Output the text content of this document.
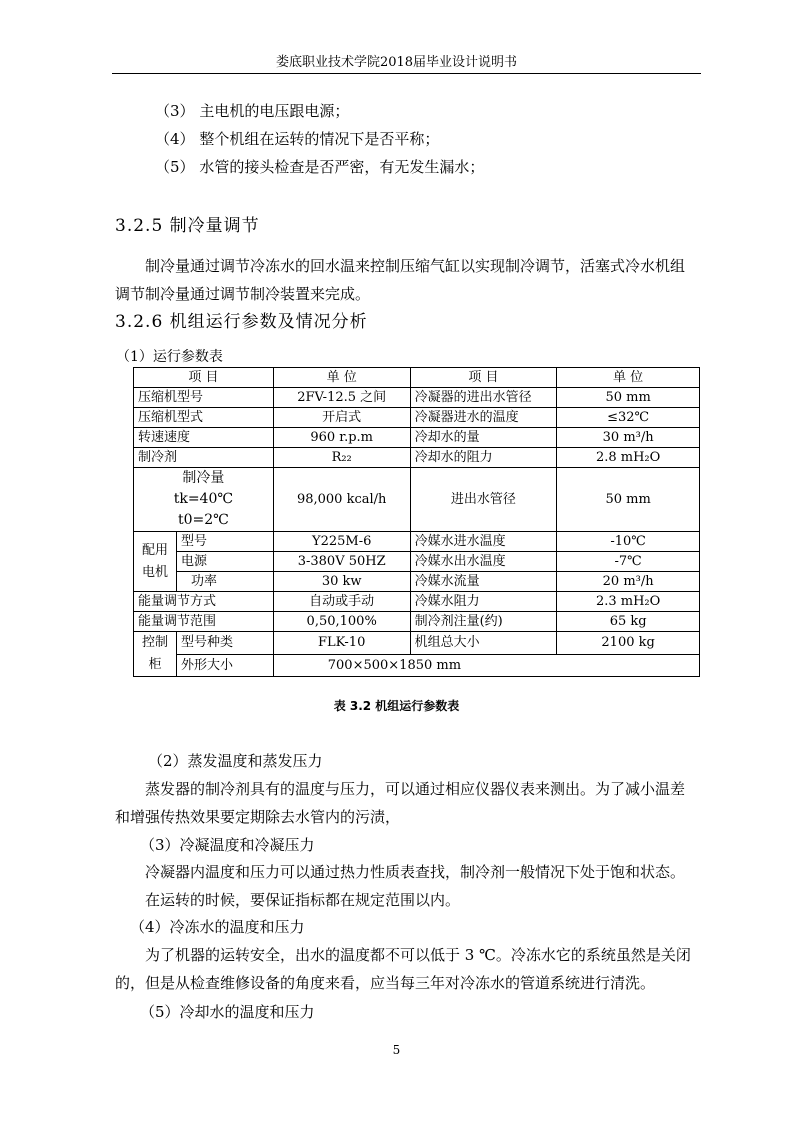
娄底职业技术学院2018届毕业设计说明书
（3） 主电机的电压跟电源；
（4） 整个机组在运转的情况下是否平称；
（5） 水管的接头检查是否严密，有无发生漏水；
3.2.5 制冷量调节
制冷量通过调节冷冻水的回水温来控制压缩气缸以实现制冷调节，活塞式冷水机组调节制冷量通过调节制冷装置来完成。
3.2.6 机组运行参数及情况分析
（1）运行参数表
项 目		单 位	项 目	单 位
压缩机型号		2FV-12.5 之间	冷凝器的进出水管径	50 mm
压缩机型式		开启式	冷凝器进水的温度	≤32℃
转速速度		960 r.p.m	冷却水的量	30 m³/h
制冷剂		R₂₂	冷却水的阻力	2.8 mH₂O

制冷量
tk=40℃
t0=2℃		98,000 kcal/h	进出水管径	50 mm
配用电机	型号	Y225M-6	冷媒水进水温度	-10℃
	电源	3-380V 50HZ	冷媒水出水温度	-7℃
	功率	30 kw	冷媒水流量	20 m³/h
能量调节方式		自动或手动	冷媒水阻力	2.3 mH₂O
能量调节范围		0,50,100%	制冷剂注量(约)	65 kg
控制柜	型号种类	FLK-10	机组总大小	2100 kg
	外形大小	700×500×1850 mm		
表 3.2 机组运行参数表
（2）蒸发温度和蒸发压力
蒸发器的制冷剂具有的温度与压力，可以通过相应仪器仪表来测出。为了减小温差和增强传热效果要定期除去水管内的污渍，
（3）冷凝温度和冷凝压力
冷凝器内温度和压力可以通过热力性质表查找，制冷剂一般情况下处于饱和状态。
在运转的时候，要保证指标都在规定范围以内。
（4）冷冻水的温度和压力
为了机器的运转安全，出水的温度都不可以低于 3 ℃。冷冻水它的系统虽然是关闭的，但是从检查维修设备的角度来看，应当每三年对冷冻水的管道系统进行清洗。
（5）冷却水的温度和压力
5
